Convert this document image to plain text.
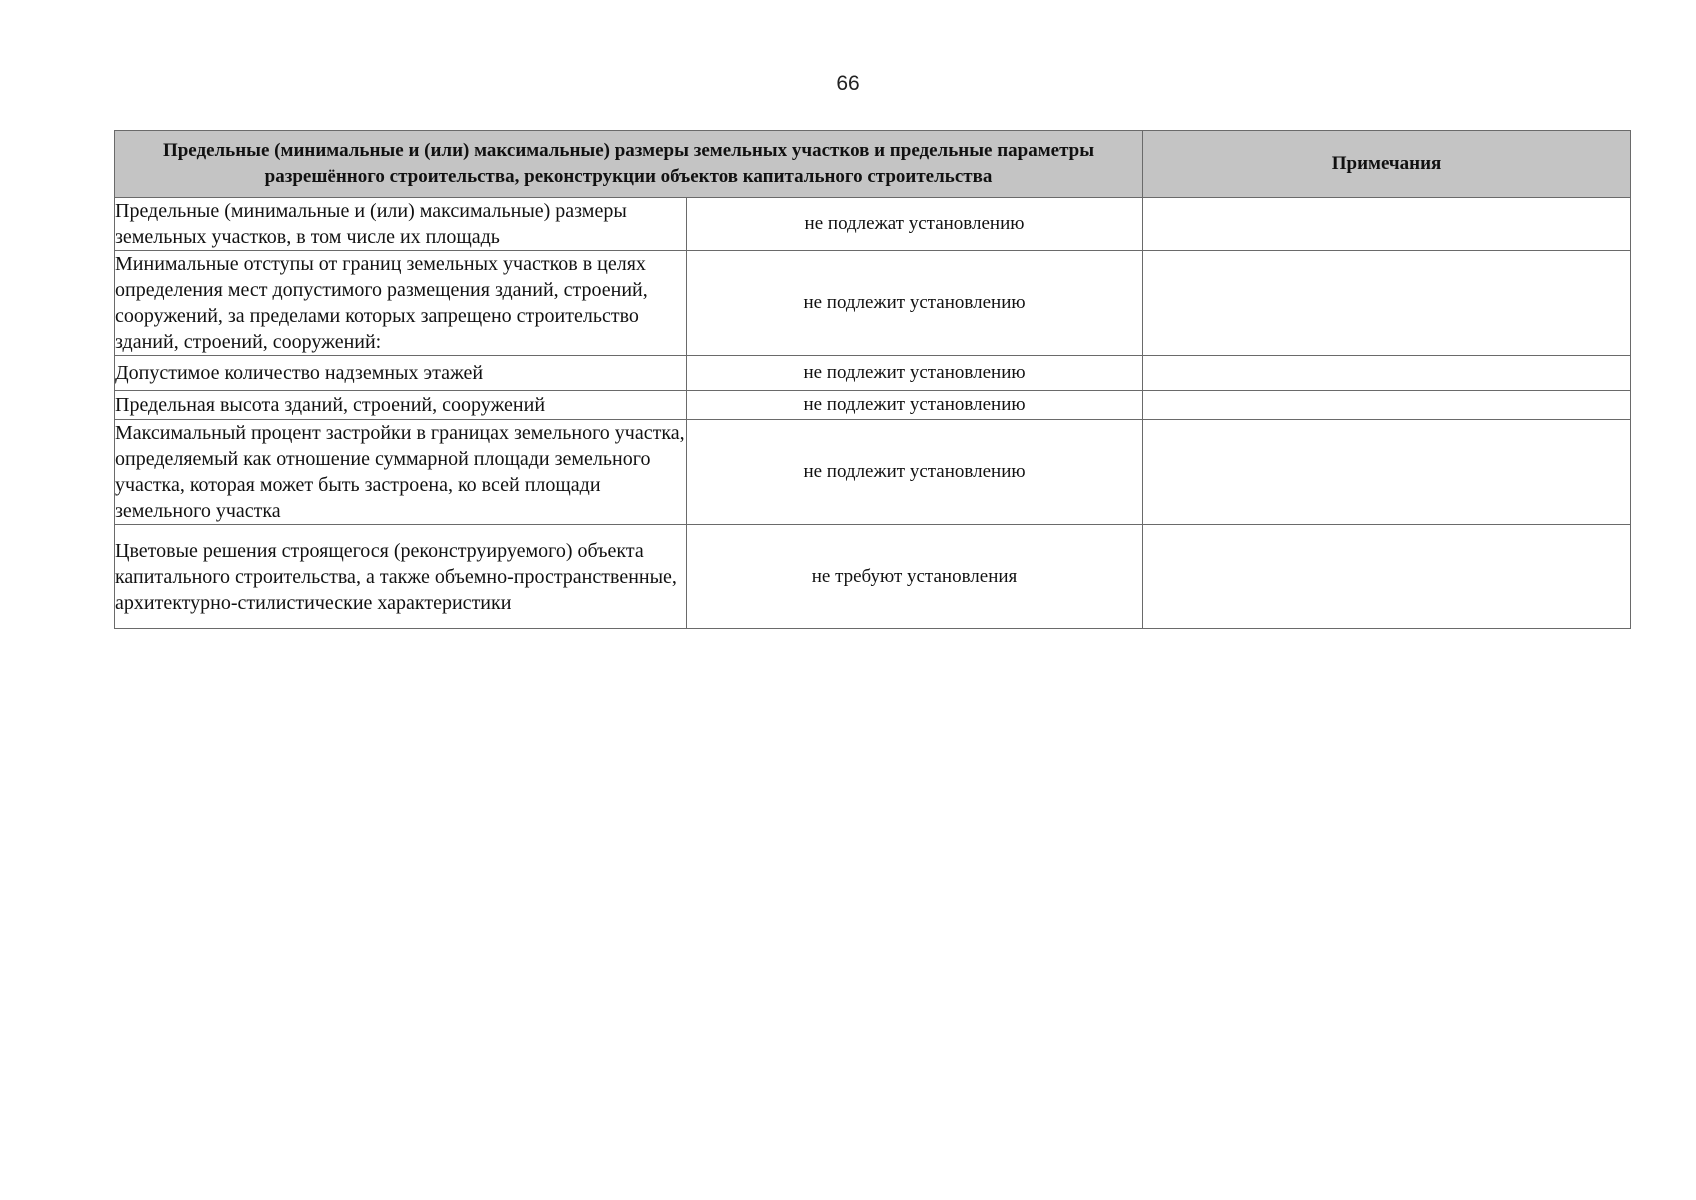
66
Предельные (минимальные и (или) максимальные) размеры земельных участков и предельные параметры разрешённого строительства, реконструкции объектов капитального строительства		Примечания
Предельные (минимальные и (или) максимальные) размеры земельных участков, в том числе их площадь	не подлежат установлению	
Минимальные отступы от границ земельных участков в целях определения мест допустимого размещения зданий, строений, сооружений, за пределами которых запрещено строительство зданий, строений, сооружений:	не подлежит установлению	
Допустимое количество надземных этажей	не подлежит установлению	
Предельная высота зданий, строений, сооружений	не подлежит установлению	
Максимальный процент застройки в границах земельного участка, определяемый как отношение суммарной площади земельного участка, которая может быть застроена, ко всей площади земельного участка	не подлежит установлению	
Цветовые решения строящегося (реконструируемого) объекта капитального строительства, а также объемно-пространственные, архитектурно-стилистические характеристики	не требуют установления	
